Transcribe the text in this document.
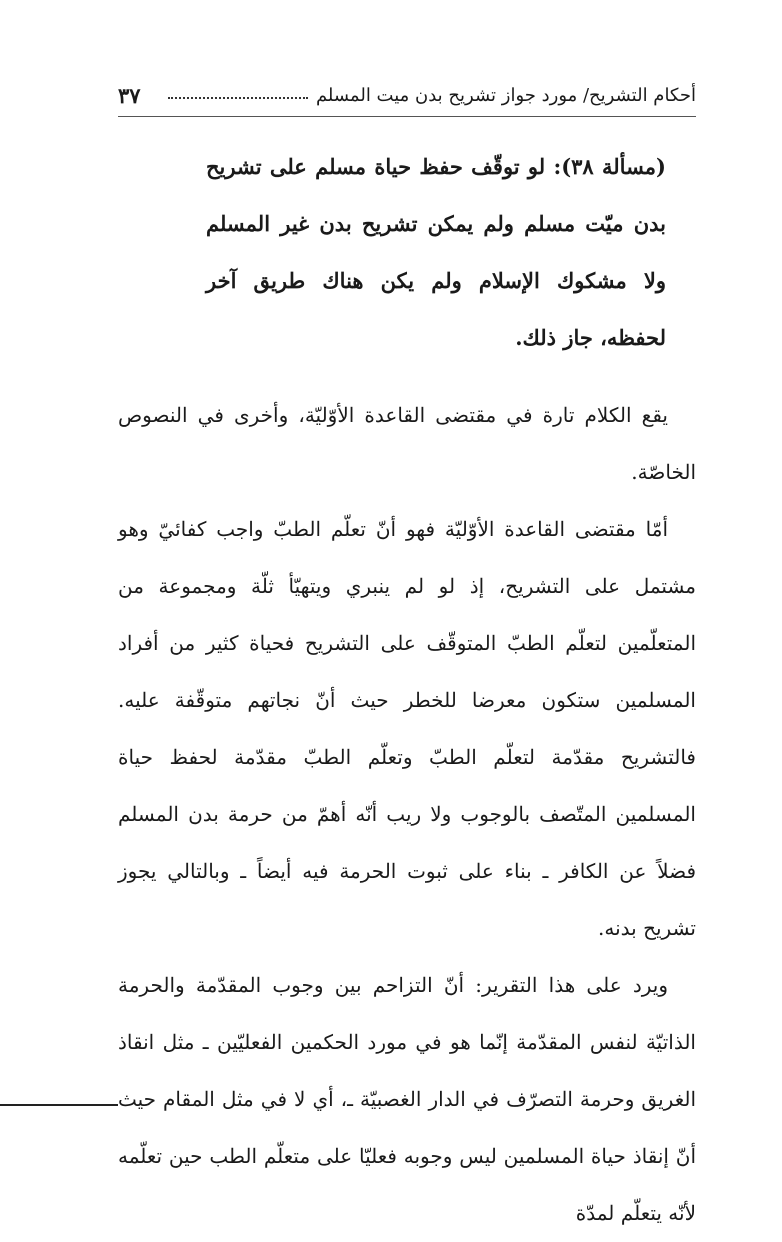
٣٧	أحكام التشريح/ مورد جواز تشريح بدن ميت المسلم
(مسألة ٣٨): لو توقّف حفظ حياة مسلم على تشريح بدن ميّت مسلم ولم يمكن تشريح بدن غير المسلم ولا مشكوك الإسلام ولم يكن هناك طريق آخر لحفظه، جاز ذلك.

يقع الكلام تارة في مقتضى القاعدة الأوّليّة، وأخرى في النصوص الخاصّة.

أمّا مقتضى القاعدة الأوّليّة فهو أنّ تعلّم الطبّ واجب كفائيّ وهو مشتمل على التشريح، إذ لو لم ينبري ويتهيّأ ثلّة ومجموعة من المتعلّمين لتعلّم الطبّ المتوقّف على التشريح فحياة كثير من أفراد المسلمين ستكون معرضا للخطر حيث أنّ نجاتهم متوقّفة عليه. فالتشريح مقدّمة لتعلّم الطبّ وتعلّم الطبّ مقدّمة لحفظ حياة المسلمين المتّصف بالوجوب ولا ريب أنّه أهمّ من حرمة بدن المسلم فضلاً عن الكافر ـ بناء على ثبوت الحرمة فيه أيضاً ـ وبالتالي يجوز تشريح بدنه.

ويرد على هذا التقرير: أنّ التزاحم بين وجوب المقدّمة والحرمة الذاتيّة لنفس المقدّمة إنّما هو في مورد الحكمين الفعليّين ـ مثل انقاذ الغريق وحرمة التصرّف في الدار الغصبيّة ـ، أي لا في مثل المقام حيث أنّ إنقاذ حياة المسلمين ليس وجوبه فعليّا على متعلّم الطب حين تعلّمه لأنّه يتعلّم لمدّة
